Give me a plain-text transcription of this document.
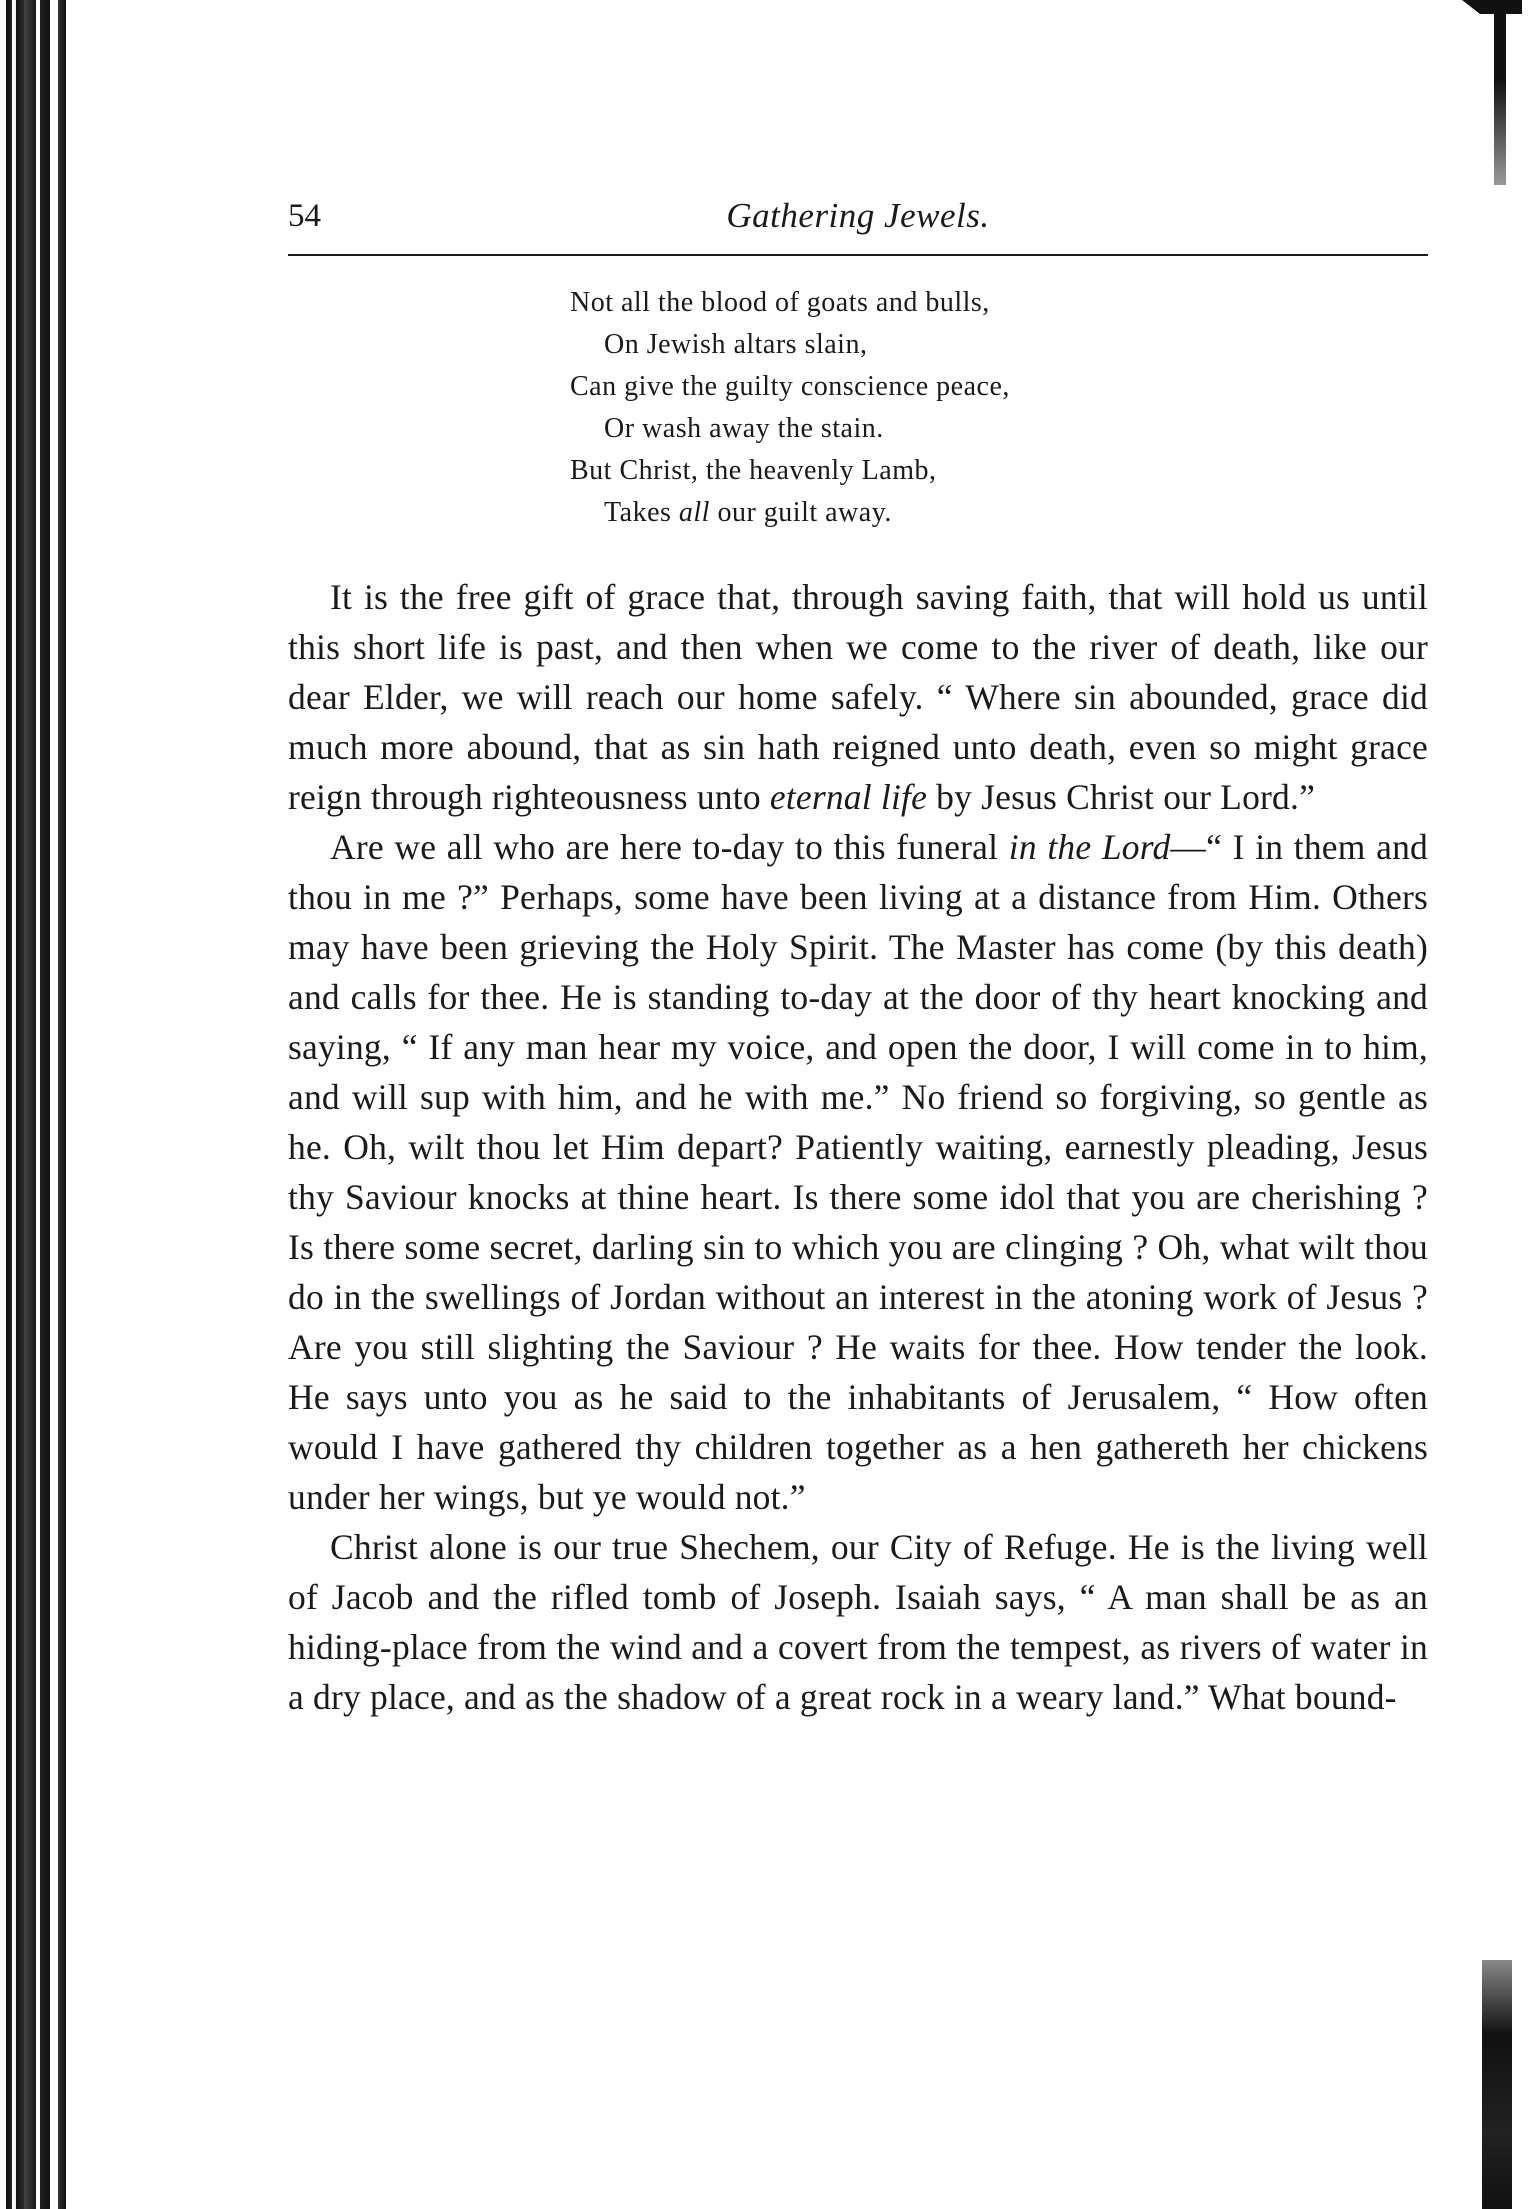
54	Gathering Jewels.
Not all the blood of goats and bulls,
On Jewish altars slain,
Can give the guilty conscience peace,
Or wash away the stain.
But Christ, the heavenly Lamb,
Takes all our guilt away.

It is the free gift of grace that, through saving faith, that will hold us until this short life is past, and then when we come to the river of death, like our dear Elder, we will reach our home safely. “ Where sin abounded, grace did much more abound, that as sin hath reigned unto death, even so might grace reign through righteousness unto eternal life by Jesus Christ our Lord.”

Are we all who are here to-day to this funeral in the Lord—“ I in them and thou in me ?” Perhaps, some have been living at a distance from Him. Others may have been grieving the Holy Spirit. The Master has come (by this death) and calls for thee. He is standing to-day at the door of thy heart knocking and saying, “ If any man hear my voice, and open the door, I will come in to him, and will sup with him, and he with me.” No friend so forgiving, so gentle as he. Oh, wilt thou let Him depart? Patiently waiting, earnestly pleading, Jesus thy Saviour knocks at thine heart. Is there some idol that you are cherishing ? Is there some secret, darling sin to which you are clinging ? Oh, what wilt thou do in the swellings of Jordan without an interest in the atoning work of Jesus ? Are you still slighting the Saviour ? He waits for thee. How tender the look. He says unto you as he said to the inhabitants of Jerusalem, “ How often would I have gathered thy children together as a hen gathereth her chickens under her wings, but ye would not.”

Christ alone is our true Shechem, our City of Refuge. He is the living well of Jacob and the rifled tomb of Joseph. Isaiah says, “ A man shall be as an hiding-place from the wind and a covert from the tempest, as rivers of water in a dry place, and as the shadow of a great rock in a weary land.” What bound-
